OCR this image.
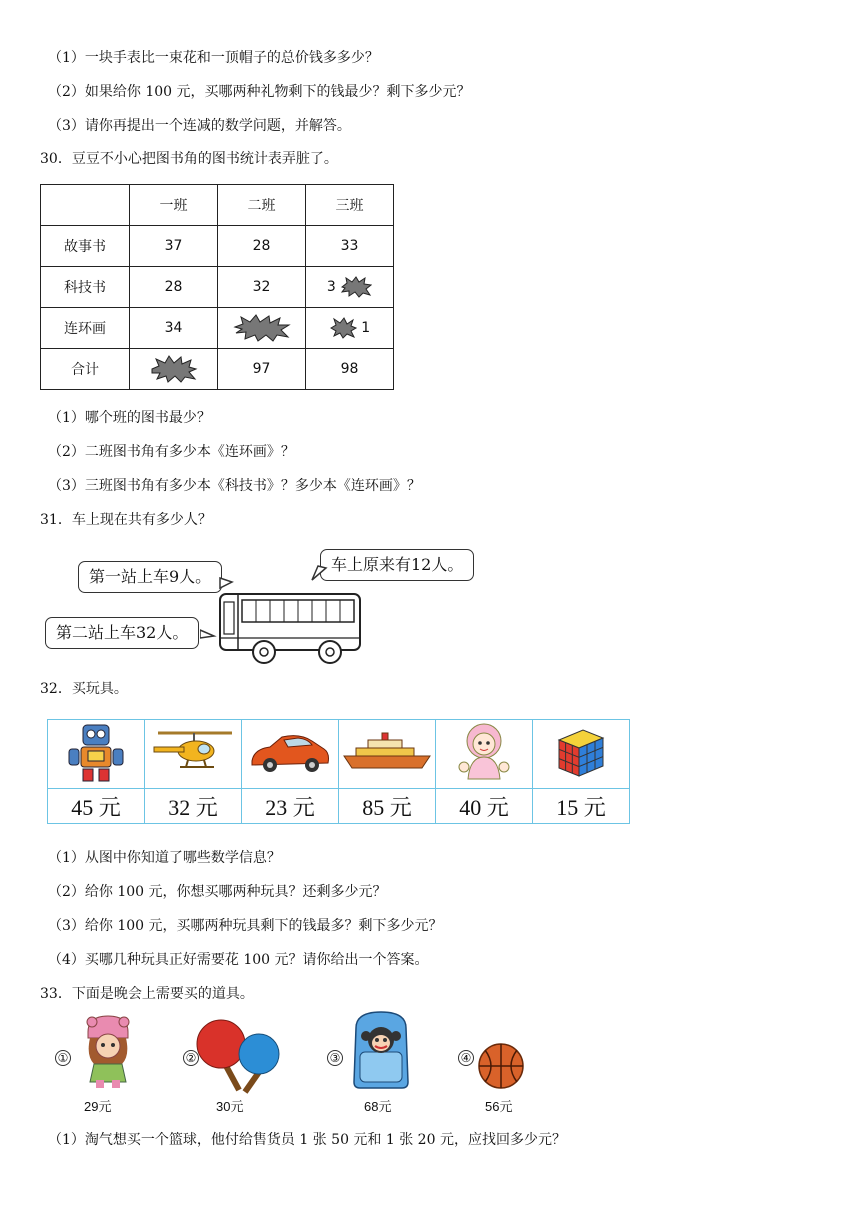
（1）一块手表比一束花和一顶帽子的总价钱多多少？
（2）如果给你 100 元，买哪两种礼物剩下的钱最少？剩下多少元？
（3）请你再提出一个连减的数学问题，并解答。
30．豆豆不小心把图书角的图书统计表弄脏了。
	一班	二班	三班
故事书	37	28	33
科技书	28	32	3
连环画	34		1
合计		97	98
（1）哪个班的图书最少？
（2）二班图书角有多少本《连环画》？
（3）三班图书角有多少本《科技书》？多少本《连环画》？
31．车上现在共有多少人？
第一站上车9人。
车上原来有12人。
第二站上车32人。
32．买玩具。

45 元	32 元	23 元	85 元	40 元	15 元
（1）从图中你知道了哪些数学信息？
（2）给你 100 元，你想买哪两种玩具？还剩多少元？
（3）给你 100 元，买哪两种玩具剩下的钱最多？剩下多少元？
（4）买哪几种玩具正好需要花 100 元？请你给出一个答案。
33．下面是晚会上需要买的道具。
①
29元
②
30元
③
68元
④
56元
（1）淘气想买一个篮球，他付给售货员 1 张 50 元和 1 张 20 元，应找回多少元？
